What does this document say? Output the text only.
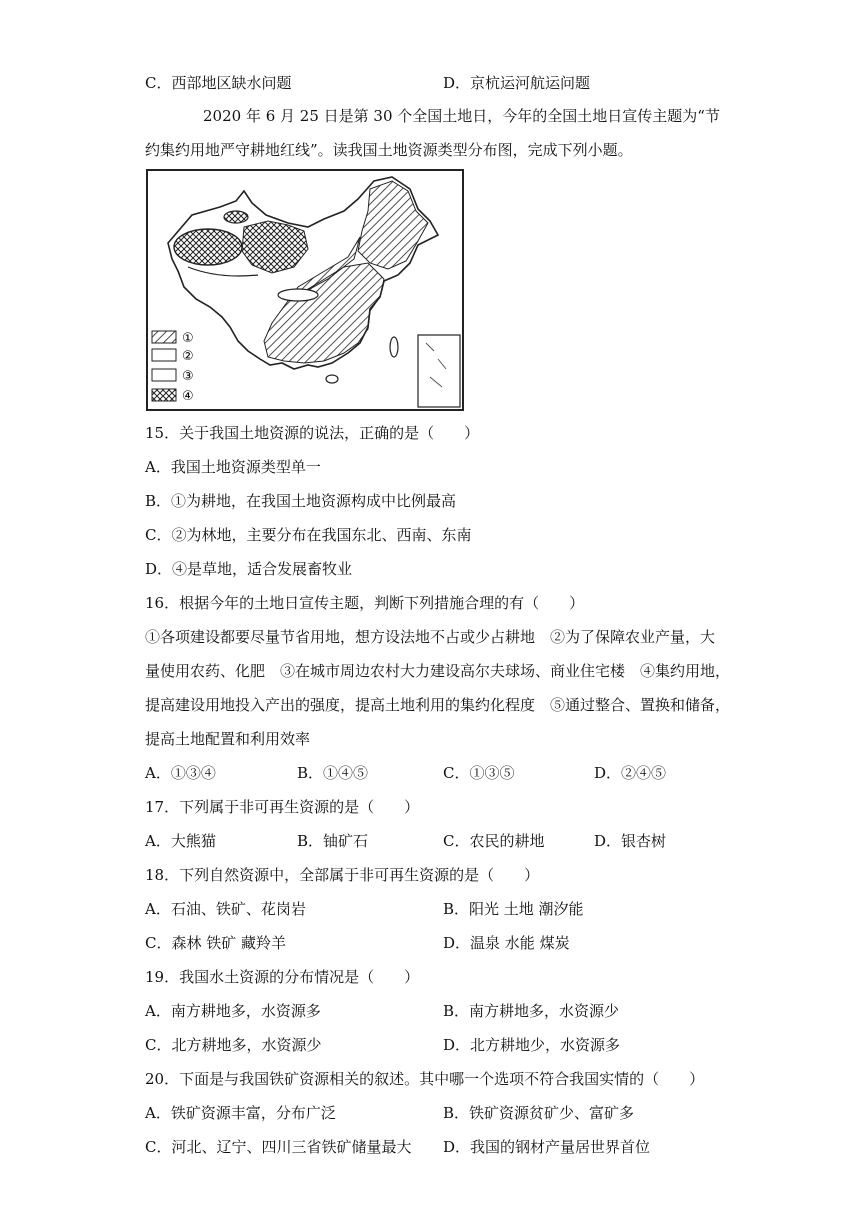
C．西部地区缺水问题	D．京杭运河航运问题
2020 年 6 月 25 日是第 30 个全国土地日，今年的全国土地日宣传主题为“节
约集约用地严守耕地红线”。读我国土地资源类型分布图，完成下列小题。
①
②
③
④
15．关于我国土地资源的说法，正确的是（　　）
A．我国土地资源类型单一
B．①为耕地，在我国土地资源构成中比例最高
C．②为林地，主要分布在我国东北、西南、东南
D．④是草地，适合发展畜牧业
16．根据今年的土地日宣传主题，判断下列措施合理的有（　　）
①各项建设都要尽量节省用地，想方设法地不占或少占耕地　②为了保障农业产量，大
量使用农药、化肥　③在城市周边农村大力建设高尔夫球场、商业住宅楼　④集约用地，
提高建设用地投入产出的强度，提高土地利用的集约化程度　⑤通过整合、置换和储备，
提高土地配置和利用效率
A．①③④	B．①④⑤	C．①③⑤	D．②④⑤
17．下列属于非可再生资源的是（　　）
A．大熊猫	B．铀矿石	C．农民的耕地	D．银杏树
18．下列自然资源中，全部属于非可再生资源的是（　　）
A．石油、铁矿、花岗岩	B．阳光 土地 潮汐能
C．森林 铁矿 藏羚羊	D．温泉 水能 煤炭
19．我国水土资源的分布情况是（　　）
A．南方耕地多，水资源多	B．南方耕地多，水资源少
C．北方耕地多，水资源少	D．北方耕地少，水资源多
20．下面是与我国铁矿资源相关的叙述。其中哪一个选项不符合我国实情的（　　）
A．铁矿资源丰富，分布广泛	B．铁矿资源贫矿少、富矿多
C．河北、辽宁、四川三省铁矿储量最大 D．我国的钢材产量居世界首位
